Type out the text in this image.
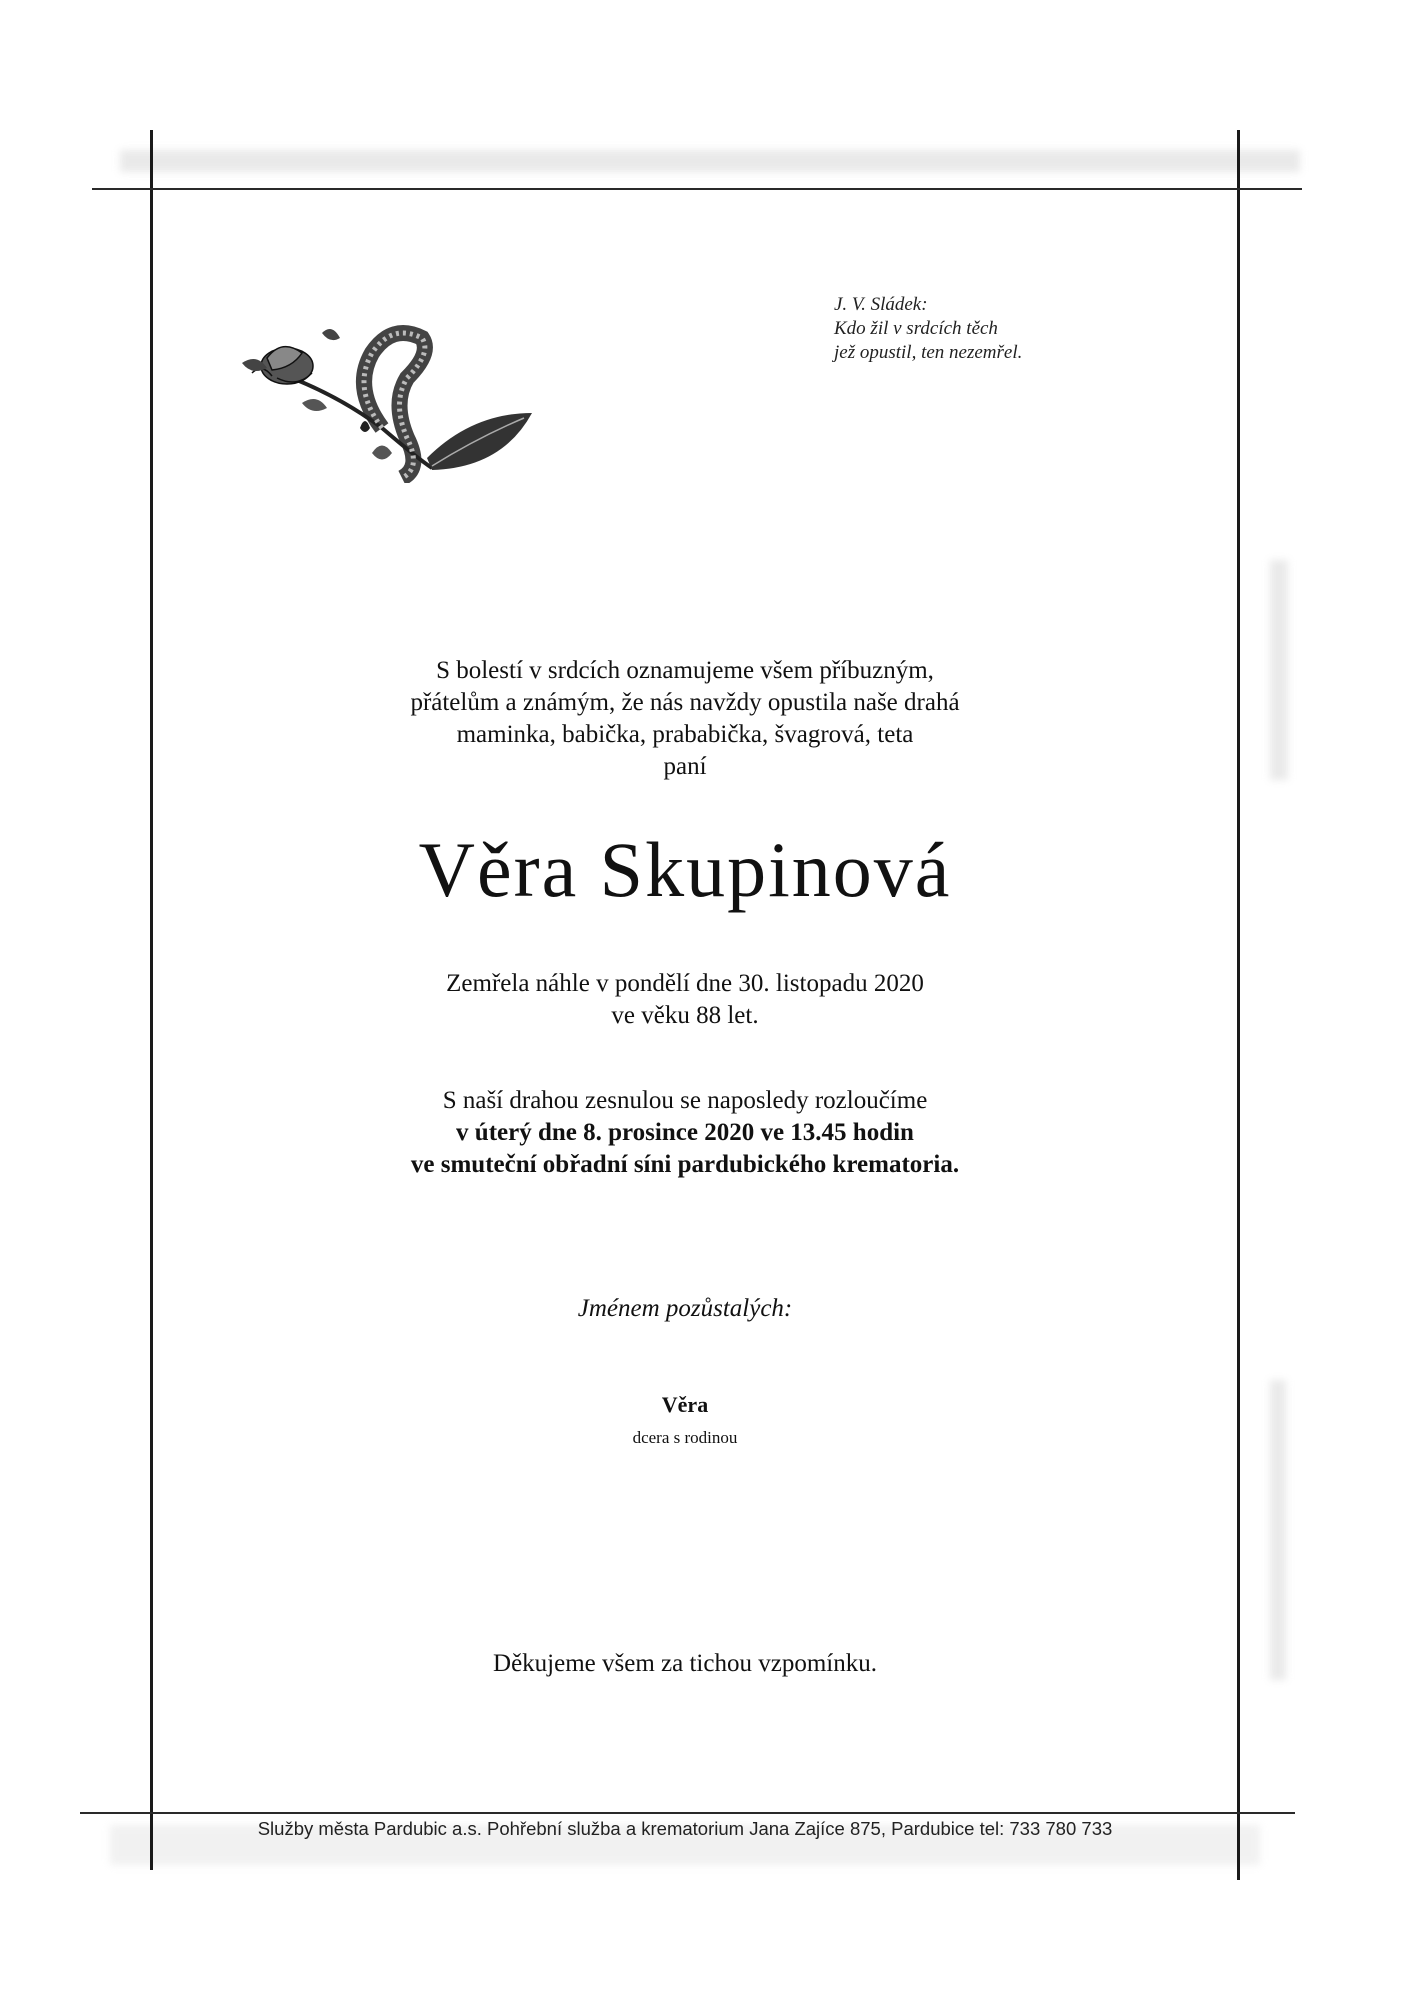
J. V. Sládek:
Kdo žil v srdcích těch
jež opustil, ten nezemřel.
S bolestí v srdcích oznamujeme všem příbuzným,
přátelům a známým, že nás navždy opustila naše drahá
maminka, babička, prababička, švagrová, teta
paní
Věra Skupinová
Zemřela náhle v pondělí dne 30. listopadu 2020
ve věku 88 let.
S naší drahou zesnulou se naposledy rozloučíme
v úterý dne 8. prosince 2020 ve 13.45 hodin
ve smuteční obřadní síni pardubického krematoria.
Jménem pozůstalých:
Věra
dcera s rodinou
Děkujeme všem za tichou vzpomínku.
Služby města Pardubic a.s. Pohřební služba a krematorium Jana Zajíce 875, Pardubice tel: 733 780 733
